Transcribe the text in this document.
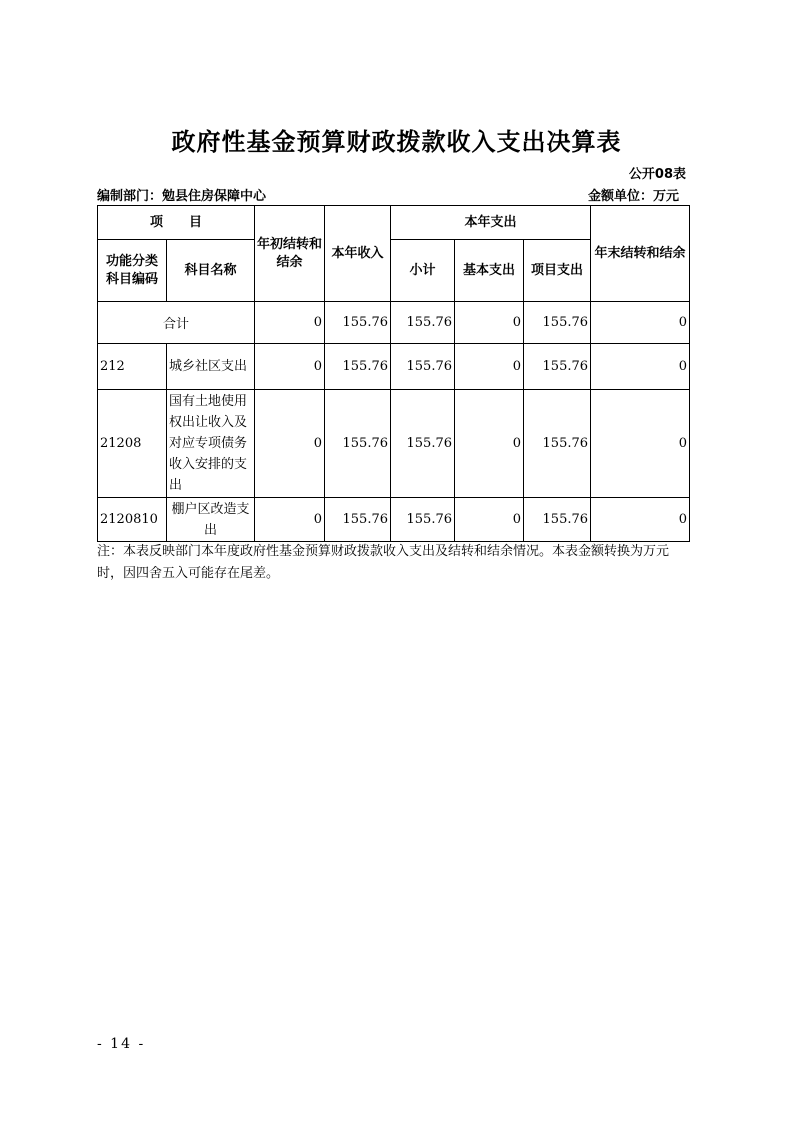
政府性基金预算财政拨款收入支出决算表
公开08表
编制部门：勉县住房保障中心	金额单位：万元
项　　目		年初结转和结余	本年收入	本年支出			年末结转和结余
功能分类科目编码	科目名称			小计	基本支出	项目支出	
合计		0	155.76	155.76	0	155.76	0
212	城乡社区支出	0	155.76	155.76	0	155.76	0
21208	国有土地使用权出让收入及对应专项债务收入安排的支出	0	155.76	155.76	0	155.76	0
2120810	棚户区改造支出	0	155.76	155.76	0	155.76	0
注：本表反映部门本年度政府性基金预算财政拨款收入支出及结转和结余情况。本表金额转换为万元时，因四舍五入可能存在尾差。
- 14 -
